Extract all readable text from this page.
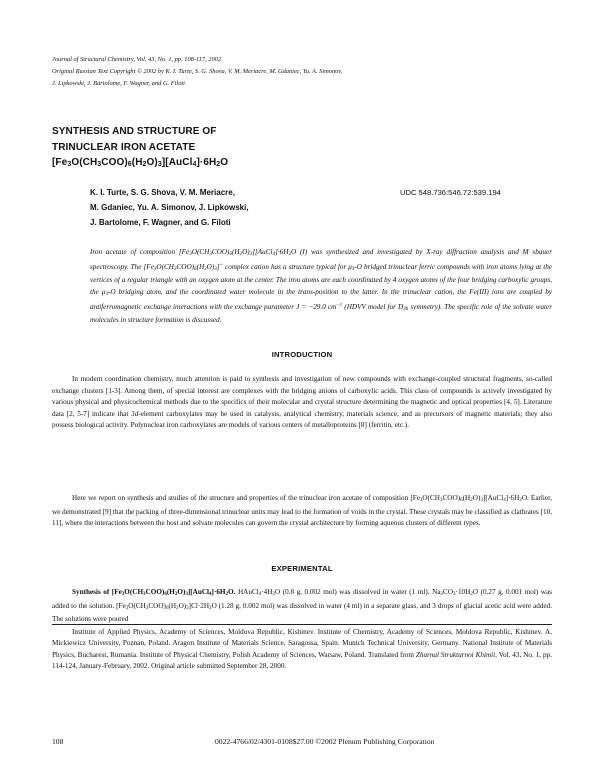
Journal of Structural Chemistry, Vol. 43, No. 1, pp. 108-117, 2002
Original Russian Text Copyright © 2002 by K. I. Turte, S. G. Shova, V. M. Meriacre, M. Gdaniec, Yu. A. Simonov,
J. Lipkowski, J. Bartolome, F. Wagner, and G. Filoti
SYNTHESIS AND STRUCTURE OF
TRINUCLEAR IRON ACETATE
$[Fe_3O(CH_3COO)_6(H_2O)_3][AuCl_4]\cdot 6H_2O$
K. I. Turte, S. G. Shova, V. M. Meriacre,
M. Gdaniec, Yu. A. Simonov, J. Lipkowski,
J. Bartolome, F. Wagner, and G. Filoti
UDC 548.736:546.72:539.194
Iron acetate of composition $[Fe_3O(CH_3COO)_6(H_2O)_3][AuCl_4]\cdot 6H_2O$ (I) was synthesized and investigated by X-ray diffraction analysis and M sbauer spectroscopy. The $[Fe_3O(CH_3COO)_6(H_2O)_3]^+$ complex cation has a structure typical for $\mu_3-O$ bridged trinuclear ferric compounds with iron atoms lying at the vertices of a regular triangle with an oxygen atom at the center. The iron atoms are each coordinated by 4 oxygen atoms of the four bridging carboxylic groups, the $\mu_3-O$ bridging atom, and the coordinated water molecule in the trans-position to the latter. In the trinuclear cation, the Fe(III) ions are coupled by antiferromagnetic exchange interactions with the exchange parameter J = −29.0 $cm^{-1}$ (HDVV model for $D_{3h}$ symmetry). The specific role of the solvate water molecules in structure formation is discussed.
INTRODUCTION
In modern coordination chemistry, much attention is paid to synthesis and investigation of new compounds with exchange-coupled structural fragments, so-called exchange clusters [1-3]. Among them, of special interest are complexes with the bridging anions of carboxylic acids. This class of compounds is actively investigated by various physical and physicochemical methods due to the specifics of their molecular and crystal structure determining the magnetic and optical properties [4, 5]. Literature data [2, 5-7] indicate that 3d-element carboxylates may be used in catalysis, analytical chemistry, materials science, and as precursors of magnetic materials; they also possess biological activity. Polynuclear iron carboxylates are models of various centers of metalloproteins [8] (ferritin, etc.).
Here we report on synthesis and studies of the structure and properties of the trinuclear iron acetate of composition $[Fe_3O(CH_3COO)_6(H_2O)_3][AuCl_4]\cdot 6H_2O$. Earlier, we demonstrated [9] that the packing of three-dimensional trinuclear units may lead to the formation of voids in the crystal. These crystals may be classified as clathrates [10, 11], where the interactions between the host and solvate molecules can govern the crystal architecture by forming aqueous clusters of different types.
EXPERIMENTAL
Synthesis of $[Fe_3O(CH_3COO)_6(H_2O)_3][AuCl_4]\cdot 6H_2O$. $HAuCl_4\cdot 4H_2O$ (0.8 g, 0.002 mol) was dissolved in water (1 ml). $Na_2CO_3\cdot 10H_2O$ (0.27 g, 0.001 mol) was added to the solution. $[Fe_3O(CH_3COO)_6(H_2O)_3]Cl\cdot 2H_2O$ (1.28 g, 0.002 mol) was dissolved in water (4 ml) in a separate glass, and 3 drops of glacial acetic acid were added. The solutions were poured
Institute of Applied Physics, Academy of Sciences, Moldova Republic, Kishinev. Institute of Chemistry, Academy of Sciences, Moldova Republic, Kishinev. A. Mickiewicz University, Poznan, Poland. Aragon Institute of Materials Science, Saragossa, Spain. Munich Technical University, Germany. National Institute of Materials Physics, Bucharest, Rumania. Institute of Physical Chemistry, Polish Academy of Sciences, Warsaw, Poland. Translated from Zhurnal Strukturnoi Khimii, Vol. 43, No. 1, pp. 114-124, January-February, 2002. Original article submitted September 28, 2000.
108	0022-4766/02/4301-0108$27.00 ©2002 Plenum Publishing Corporation
